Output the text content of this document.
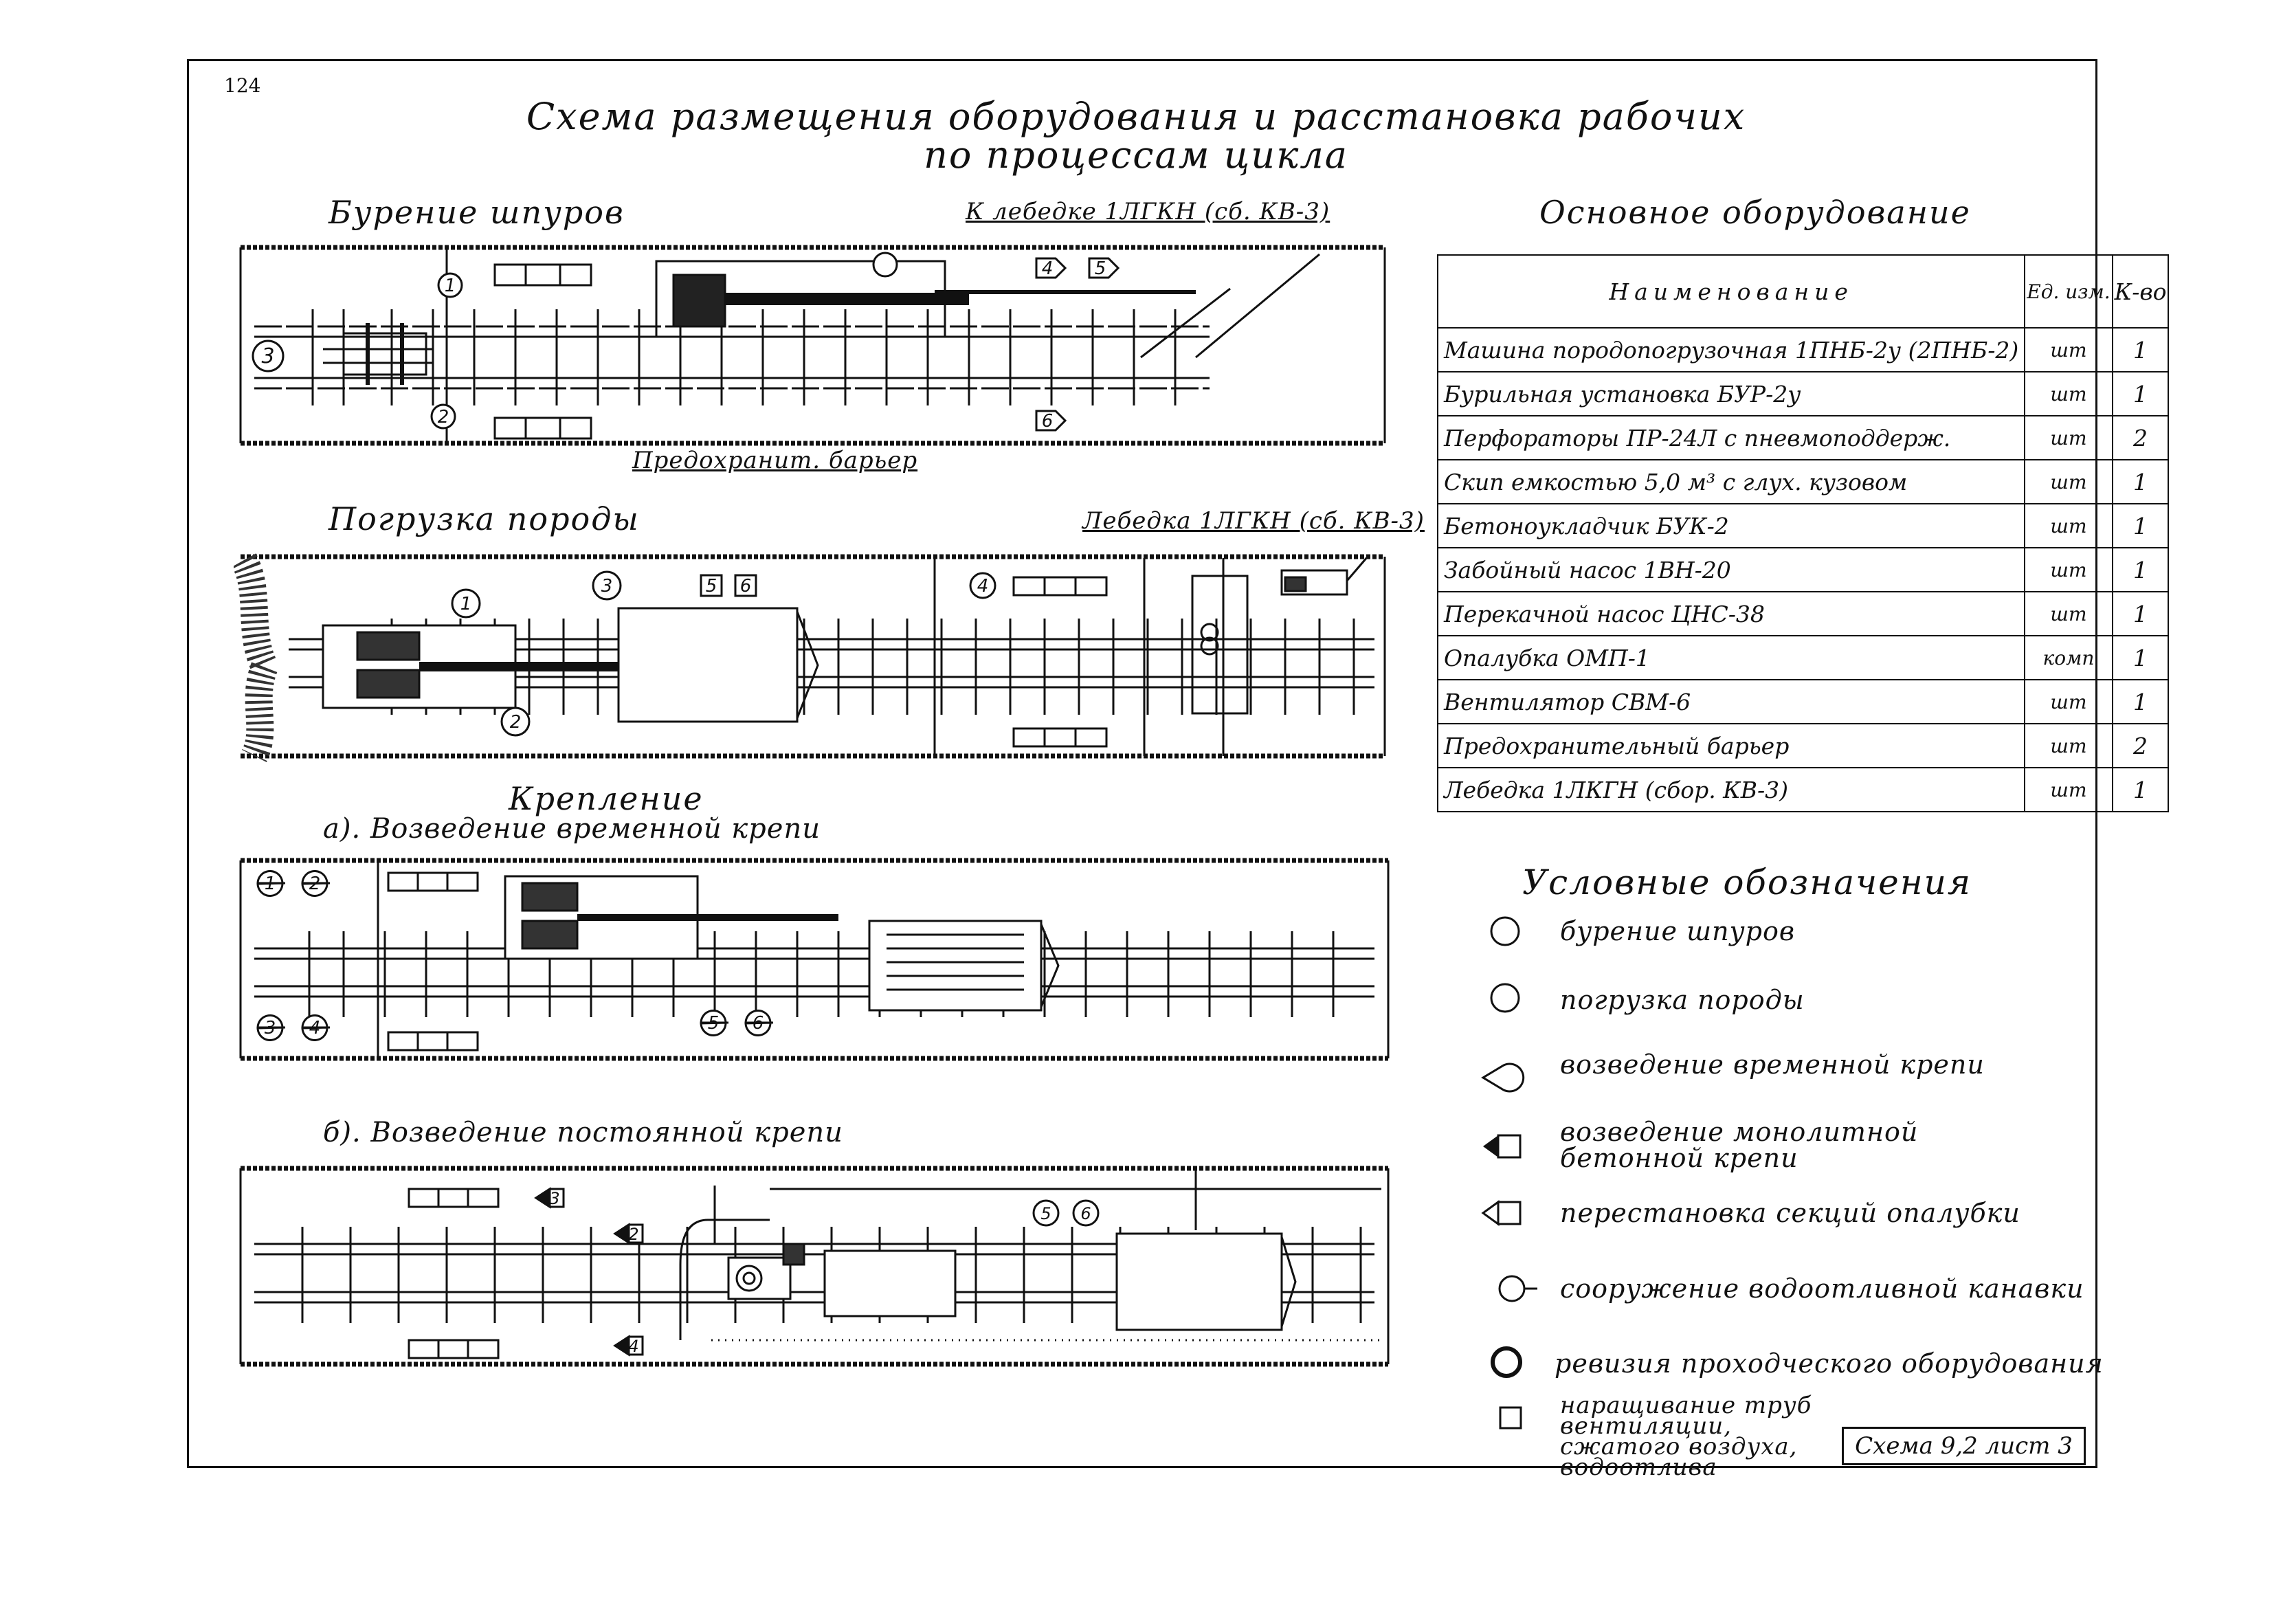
124
Схема размещения оборудования и расстановка рабочих
по процессам цикла
Бурение шпуров	К лебедке 1ЛГКН (сб. КВ-3)
Предохранит. барьер
1
2
3
4 5
6
Погрузка породы	Лебедка 1ЛГКН (сб. КВ-3)
1
2
3	4
5 6
Крепление
а). Возведение временной крепи
1 2
3 4	5 6
б). Возведение постоянной крепи
2
3
4
5 6
Основное оборудование
Наименование	Ед. изм.	К-во
Машина породопогрузочная 1ПНБ-2у (2ПНБ-2)	шт	1
Бурильная установка БУР-2у	шт	1
Перфораторы ПР-24Л с пневмоподдерж.	шт	2
Скип емкостью 5,0 м³ с глух. кузовом	шт	1
Бетоноукладчик БУК-2	шт	1
Забойный насос 1ВН-20	шт	1
Перекачной насос ЦНС-38	шт	1
Опалубка ОМП-1	комп	1
Вентилятор СВМ-6	шт	1
Предохранительный барьер	шт	2
Лебедка 1ЛКГН (сбор. КВ-3)	шт	1
Условные обозначения
бурение шпуров
погрузка породы
возведение временной крепи
возведение монолитной бетонной крепи
перестановка секций опалубки
сооружение водоотливной канавки
ревизия проходческого оборудования
наращивание труб вентиляции, сжатого воздуха, водоотлива
Схема 9,2 лист 3
